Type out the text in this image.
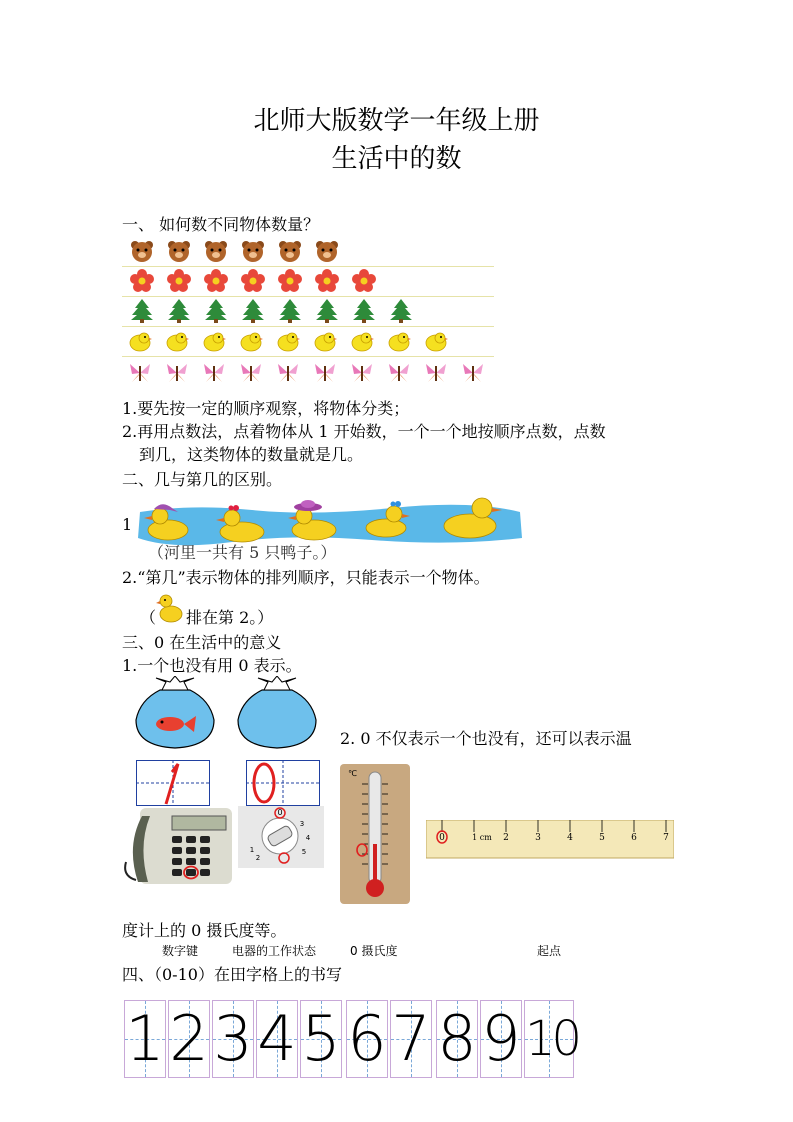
北师大版数学一年级上册
生活中的数
一、 如何数不同物体数量？
1.要先按一定的顺序观察，将物体分类；
2.再用点数法，点着物体从 1 开始数，一个一个地按顺序点数，点数
到几，这类物体的数量就是几。
二、几与第几的区别。
1
（河里一共有 5 只鸭子。）
2.“第几”表示物体的排列顺序，只能表示一个物体。
（ 排在第 2。）
三、0 在生活中的意义
1.一个也没有用 0 表示。
2. 0 不仅表示一个也没有，还可以表示温
0
1
2
3
4
5
℃
0	1 cm 2	3	4	5	6	7
度计上的 0 摄氏度等。
数字键	电器的工作状态	0 摄氏度	起点
四、（0-10）在田字格上的书写
1 2 3 4 5 6 7 8 9 10
